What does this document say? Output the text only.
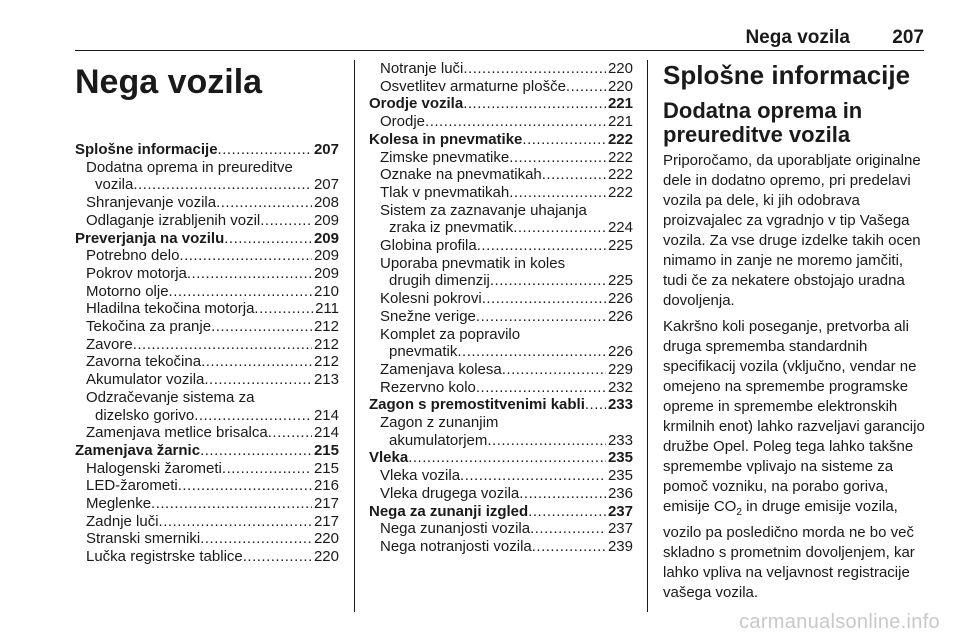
Nega vozila 207
Nega vozila
Splošne informacije .....	207
Dodatna oprema in preureditve
vozila .....	207
Shranjevanje vozila .....	208
Odlaganje izrabljenih vozil .....	209
Preverjanja na vozilu .....	209
Potrebno delo .....	209
Pokrov motorja .....	209
Motorno olje .....	210
Hladilna tekočina motorja .....	211
Tekočina za pranje .....	212
Zavore .....	212
Zavorna tekočina .....	212
Akumulator vozila .....	213
Odzračevanje sistema za
dizelsko gorivo .....	214
Zamenjava metlice brisalca .....	214
Zamenjava žarnic .....	215
Halogenski žarometi .....	215
LED-žarometi .....	216
Meglenke .....	217
Zadnje luči .....	217
Stranski smerniki .....	220
Lučka registrske tablice .....	220
Notranje luči .....	220
Osvetlitev armaturne plošče .....	220
Orodje vozila .....	221
Orodje .....	221
Kolesa in pnevmatike .....	222
Zimske pnevmatike .....	222
Oznake na pnevmatikah .....	222
Tlak v pnevmatikah .....	222
Sistem za zaznavanje uhajanja
zraka iz pnevmatik .....	224
Globina profila .....	225
Uporaba pnevmatik in koles
drugih dimenzij .....	225
Kolesni pokrovi .....	226
Snežne verige .....	226
Komplet za popravilo
pnevmatik .....	226
Zamenjava kolesa .....	229
Rezervno kolo .....	232
Zagon s premostitvenimi kabli ..... 233
Zagon z zunanjim
akumulatorjem .....	233
Vleka .....	235
Vleka vozila .....	235
Vleka drugega vozila .....	236
Nega za zunanji izgled .....	237
Nega zunanjosti vozila .....	237
Nega notranjosti vozila .....	239
Splošne informacije
Dodatna oprema in preureditve vozila

Priporočamo, da uporabljate originalne dele in dodatno opremo, pri predelavi vozila pa dele, ki jih odobrava proizvajalec za vgradnjo v tip Vašega vozila. Za vse druge izdelke takih ocen nimamo in zanje ne moremo jamčiti, tudi če za nekatere obstojajo uradna dovoljenja.

Kakršno koli poseganje, pretvorba ali druga sprememba standardnih specifikacij vozila (vključno, vendar ne omejeno na spremembe programske opreme in spremembe elektronskih krmilnih enot) lahko razveljavi garancijo družbe Opel. Poleg tega lahko takšne spremembe vplivajo na sisteme za pomoč vozniku, na porabo goriva, emisije $CO_2$ in druge emisije vozila, vozilo pa posledično morda ne bo več skladno s prometnim dovoljenjem, kar lahko vpliva na veljavnost registracije vašega vozila.

carmanualsonline.info
